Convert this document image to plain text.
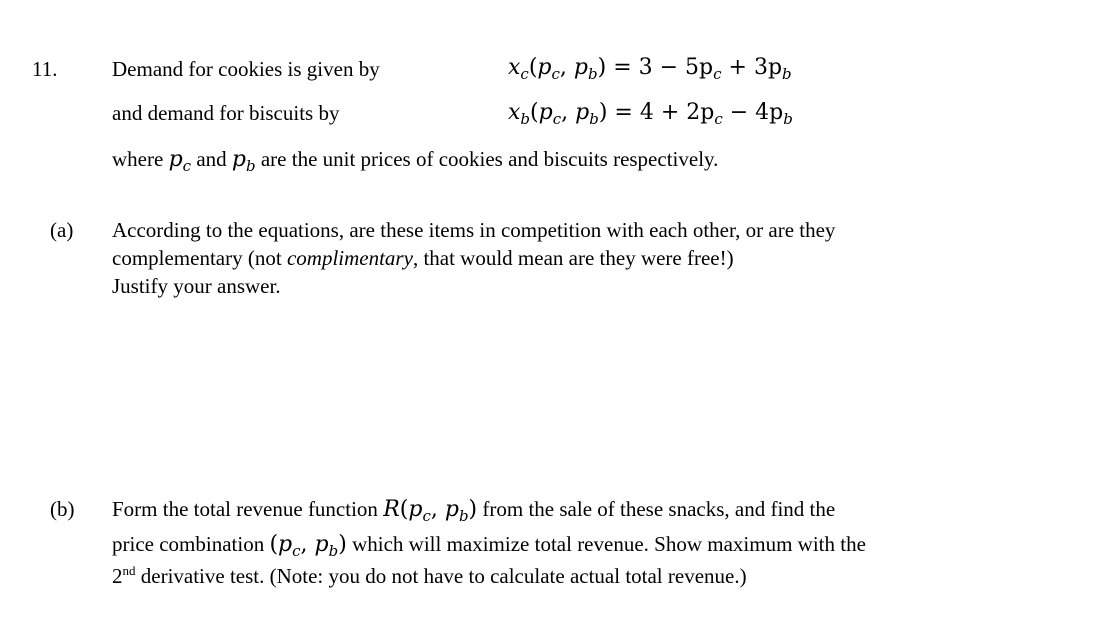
11.	Demand for cookies is given by
and demand for biscuits by
$x_c(p_c$, $p_b) = 3 - 5p_c + 3p_b$
$x_b(p_c$, $p_b) = 4 + 2p_c - 4p_b$
where $p_c$ and $p_b$ are the unit prices of cookies and biscuits respectively.
(a) According to the equations, are these items in competition with each other, or are they
complementary (not complimentary, that would mean are they were free!)
Justify your answer.
(b) Form the total revenue function $R(p_c$, $p_b$) from the sale of these snacks, and find the
price combination ($p_c$, $p_b$) which will maximize total revenue. Show maximum with the
2nd derivative test. (Note: you do not have to calculate actual total revenue.)
